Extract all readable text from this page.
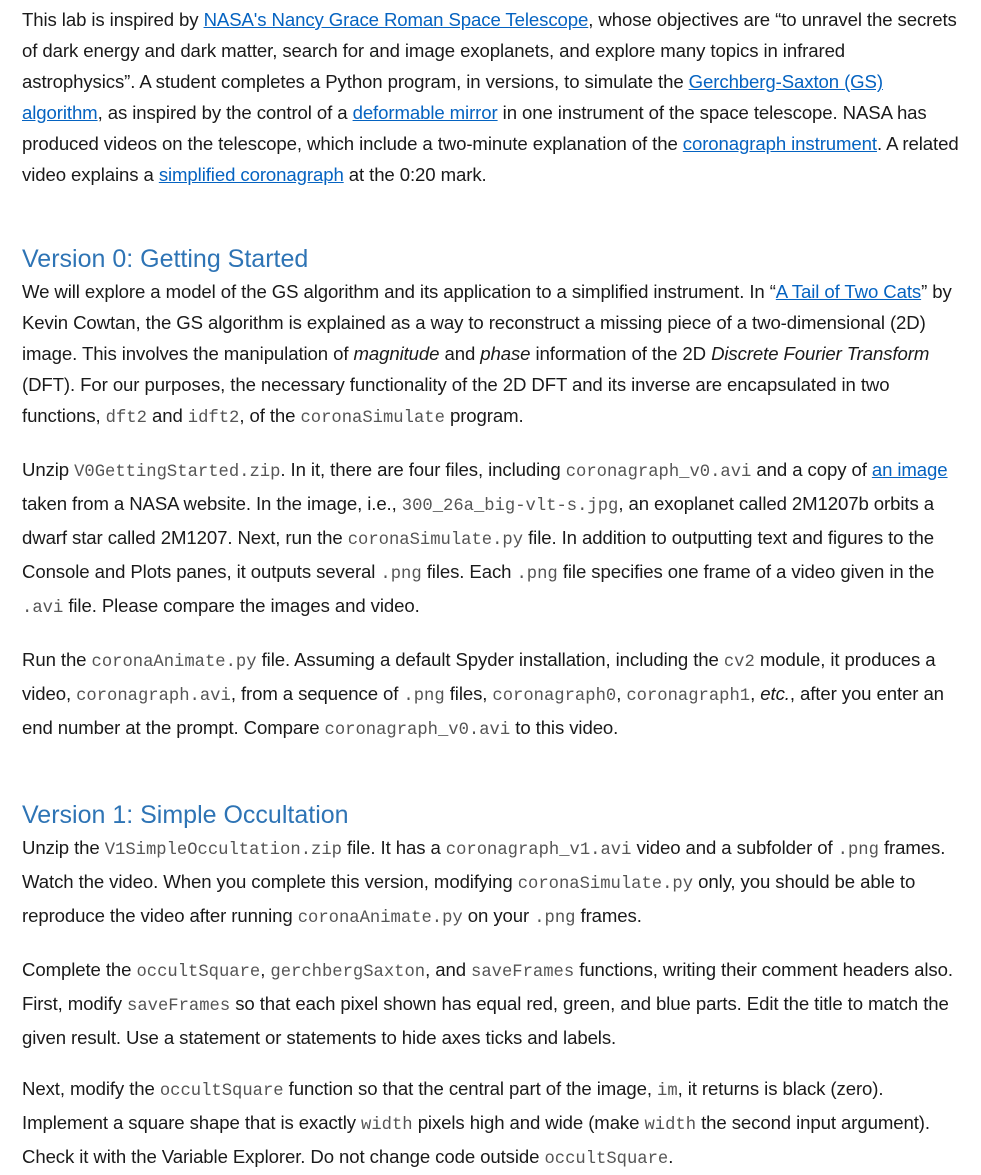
This lab is inspired by NASA's Nancy Grace Roman Space Telescope, whose objectives are “to unravel the secrets of dark energy and dark matter, search for and image exoplanets, and explore many topics in infrared astrophysics”. A student completes a Python program, in versions, to simulate the Gerchberg-Saxton (GS) algorithm, as inspired by the control of a deformable mirror in one instrument of the space telescope. NASA has produced videos on the telescope, which include a two-minute explanation of the coronagraph instrument. A related video explains a simplified coronagraph at the 0:20 mark.

Version 0: Getting Started

We will explore a model of the GS algorithm and its application to a simplified instrument. In “A Tail of Two Cats” by Kevin Cowtan, the GS algorithm is explained as a way to reconstruct a missing piece of a two-dimensional (2D) image. This involves the manipulation of magnitude and phase information of the 2D Discrete Fourier Transform (DFT). For our purposes, the necessary functionality of the 2D DFT and its inverse are encapsulated in two functions, dft2 and idft2, of the coronaSimulate program.

Unzip V0GettingStarted.zip. In it, there are four files, including coronagraph_v0.avi and a copy of an image taken from a NASA website. In the image, i.e., 300_26a_big-vlt-s.jpg, an exoplanet called 2M1207b orbits a dwarf star called 2M1207. Next, run the coronaSimulate.py file. In addition to outputting text and figures to the Console and Plots panes, it outputs several .png files. Each .png file specifies one frame of a video given in the .avi file. Please compare the images and video.

Run the coronaAnimate.py file. Assuming a default Spyder installation, including the cv2 module, it produces a video, coronagraph.avi, from a sequence of .png files, coronagraph0, coronagraph1, etc., after you enter an end number at the prompt. Compare coronagraph_v0.avi to this video.

Version 1: Simple Occultation

Unzip the V1SimpleOccultation.zip file. It has a coronagraph_v1.avi video and a subfolder of .png frames. Watch the video. When you complete this version, modifying coronaSimulate.py only, you should be able to reproduce the video after running coronaAnimate.py on your .png frames.

Complete the occultSquare, gerchbergSaxton, and saveFrames functions, writing their comment headers also. First, modify saveFrames so that each pixel shown has equal red, green, and blue parts. Edit the title to match the given result. Use a statement or statements to hide axes ticks and labels.

Next, modify the occultSquare function so that the central part of the image, im, it returns is black (zero). Implement a square shape that is exactly width pixels high and wide (make width the second input argument). Check it with the Variable Explorer. Do not change code outside occultSquare.
